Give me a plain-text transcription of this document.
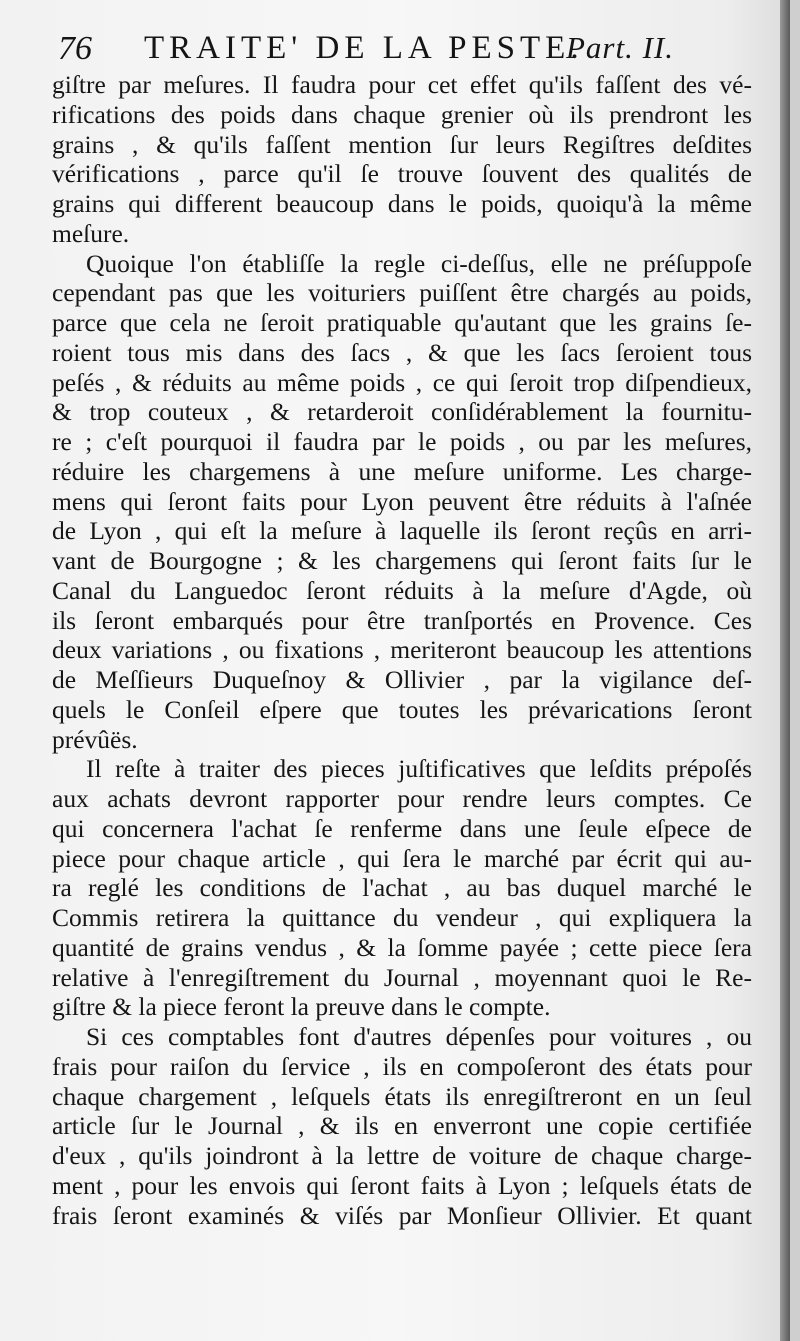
76 TRAITE' DE LA PESTE.
Part. II.

giſtre par meſures. Il faudra pour cet effet qu'ils faſſent des vé-

rifications des poids dans chaque grenier où ils prendront les

grains , & qu'ils faſſent mention ſur leurs Regiſtres deſdites

vérifications , parce qu'il ſe trouve ſouvent des qualités de

grains qui different beaucoup dans le poids, quoiqu'à la même

meſure.

Quoique l'on établiſſe la regle ci-deſſus, elle ne préſuppoſe

cependant pas que les voituriers puiſſent être chargés au poids,

parce que cela ne ſeroit pratiquable qu'autant que les grains ſe-

roient tous mis dans des ſacs , & que les ſacs ſeroient tous

peſés , & réduits au même poids , ce qui ſeroit trop diſpendieux,

& trop couteux , & retarderoit conſidérablement la fournitu-

re ; c'eſt pourquoi il faudra par le poids , ou par les meſures,

réduire les chargemens à une meſure uniforme. Les charge-

mens qui ſeront faits pour Lyon peuvent être réduits à l'aſnée

de Lyon , qui eſt la meſure à laquelle ils ſeront reçûs en arri-

vant de Bourgogne ; & les chargemens qui ſeront faits ſur le

Canal du Languedoc ſeront réduits à la meſure d'Agde, où

ils ſeront embarqués pour être tranſportés en Provence. Ces

deux variations , ou fixations , meriteront beaucoup les attentions

de Meſſieurs Duqueſnoy & Ollivier , par la vigilance deſ-

quels le Conſeil eſpere que toutes les prévarications ſeront

prévûës.

Il reſte à traiter des pieces juſtificatives que leſdits prépoſés

aux achats devront rapporter pour rendre leurs comptes. Ce

qui concernera l'achat ſe renferme dans une ſeule eſpece de

piece pour chaque article , qui ſera le marché par écrit qui au-

ra reglé les conditions de l'achat , au bas duquel marché le

Commis retirera la quittance du vendeur , qui expliquera la

quantité de grains vendus , & la ſomme payée ; cette piece ſera

relative à l'enregiſtrement du Journal , moyennant quoi le Re-

giſtre & la piece feront la preuve dans le compte.

Si ces comptables font d'autres dépenſes pour voitures , ou

frais pour raiſon du ſervice , ils en compoſeront des états pour

chaque chargement , leſquels états ils enregiſtreront en un ſeul

article ſur le Journal , & ils en enverront une copie certifiée

d'eux , qu'ils joindront à la lettre de voiture de chaque charge-

ment , pour les envois qui ſeront faits à Lyon ; leſquels états de

frais ſeront examinés & viſés par Monſieur Ollivier. Et quant
